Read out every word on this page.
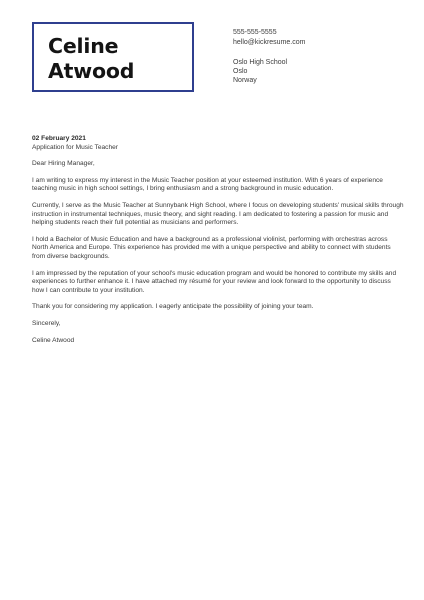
Celine
Atwood
555-555-5555
hello@kickresume.com
Oslo High School
Oslo
Norway

02 February 2021

Application for Music Teacher

Dear Hiring Manager,

I am writing to express my interest in the Music Teacher position at your esteemed institution. With 6 years of experience teaching music in high school settings, I bring enthusiasm and a strong background in music education.

Currently, I serve as the Music Teacher at Sunnybank High School, where I focus on developing students' musical skills through instruction in instrumental techniques, music theory, and sight reading. I am dedicated to fostering a passion for music and helping students reach their full potential as musicians and performers.

I hold a Bachelor of Music Education and have a background as a professional violinist, performing with orchestras across North America and Europe. This experience has provided me with a unique perspective and ability to connect with students from diverse backgrounds.

I am impressed by the reputation of your school's music education program and would be honored to contribute my skills and experiences to further enhance it. I have attached my résumé for your review and look forward to the opportunity to discuss how I can contribute to your institution.

Thank you for considering my application. I eagerly anticipate the possibility of joining your team.

Sincerely,

Celine Atwood
